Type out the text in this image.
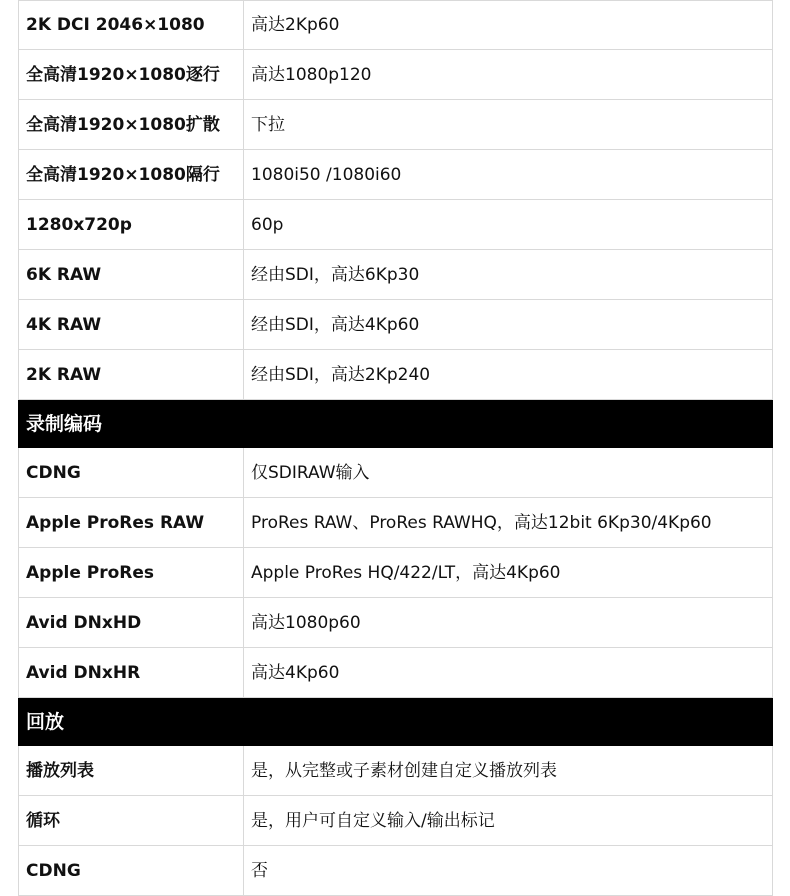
2K DCI 2046×1080	高达2Kp60
全高清1920×1080逐行	高达1080p120
全高清1920×1080扩散	下拉
全高清1920×1080隔行	1080i50 /1080i60
1280x720p	60p
6K RAW	经由SDI，高达6Kp30
4K RAW	经由SDI，高达4Kp60
2K RAW	经由SDI，高达2Kp240
录制编码	
CDNG	仅SDIRAW输入
Apple ProRes RAW	ProRes RAW、ProRes RAWHQ，高达12bit 6Kp30/4Kp60
Apple ProRes	Apple ProRes HQ/422/LT，高达4Kp60
Avid DNxHD	高达1080p60
Avid DNxHR	高达4Kp60
回放	
播放列表	是，从完整或子素材创建自定义播放列表
循环	是，用户可自定义输入/输出标记
CDNG	否
